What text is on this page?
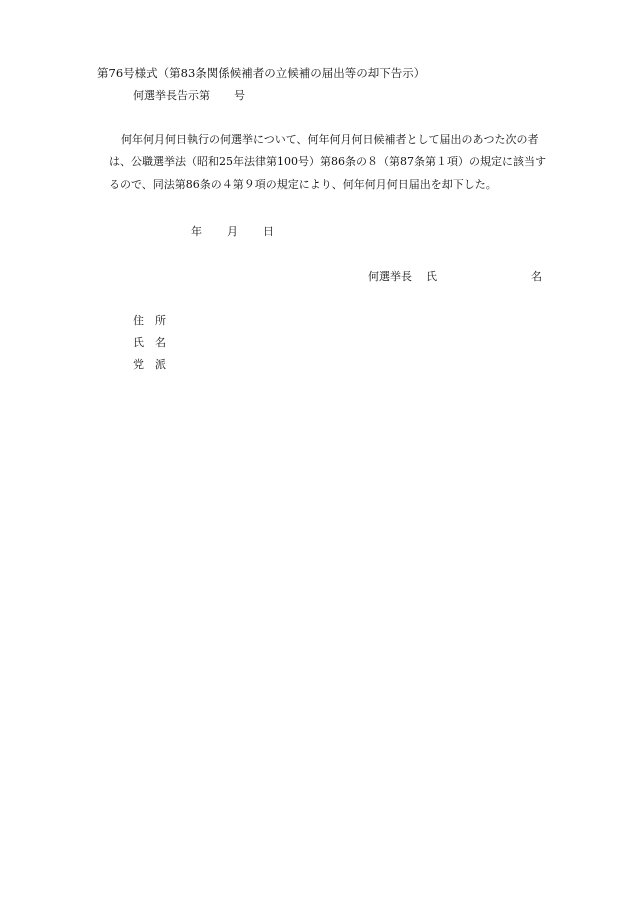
第76号様式（第83条関係候補者の立候補の届出等の却下告示）
何選挙長告示第 号
何年何月何日執行の何選挙について、何年何月何日候補者として届出のあつた次の者
は、公職選挙法（昭和25年法律第100号）第86条の８（第87条第１項）の規定に該当す
るので、同法第86条の４第９項の規定により、何年何月何日届出を却下した。
年 月 日
何選挙長 氏	名
住　所
氏　名
党　派
